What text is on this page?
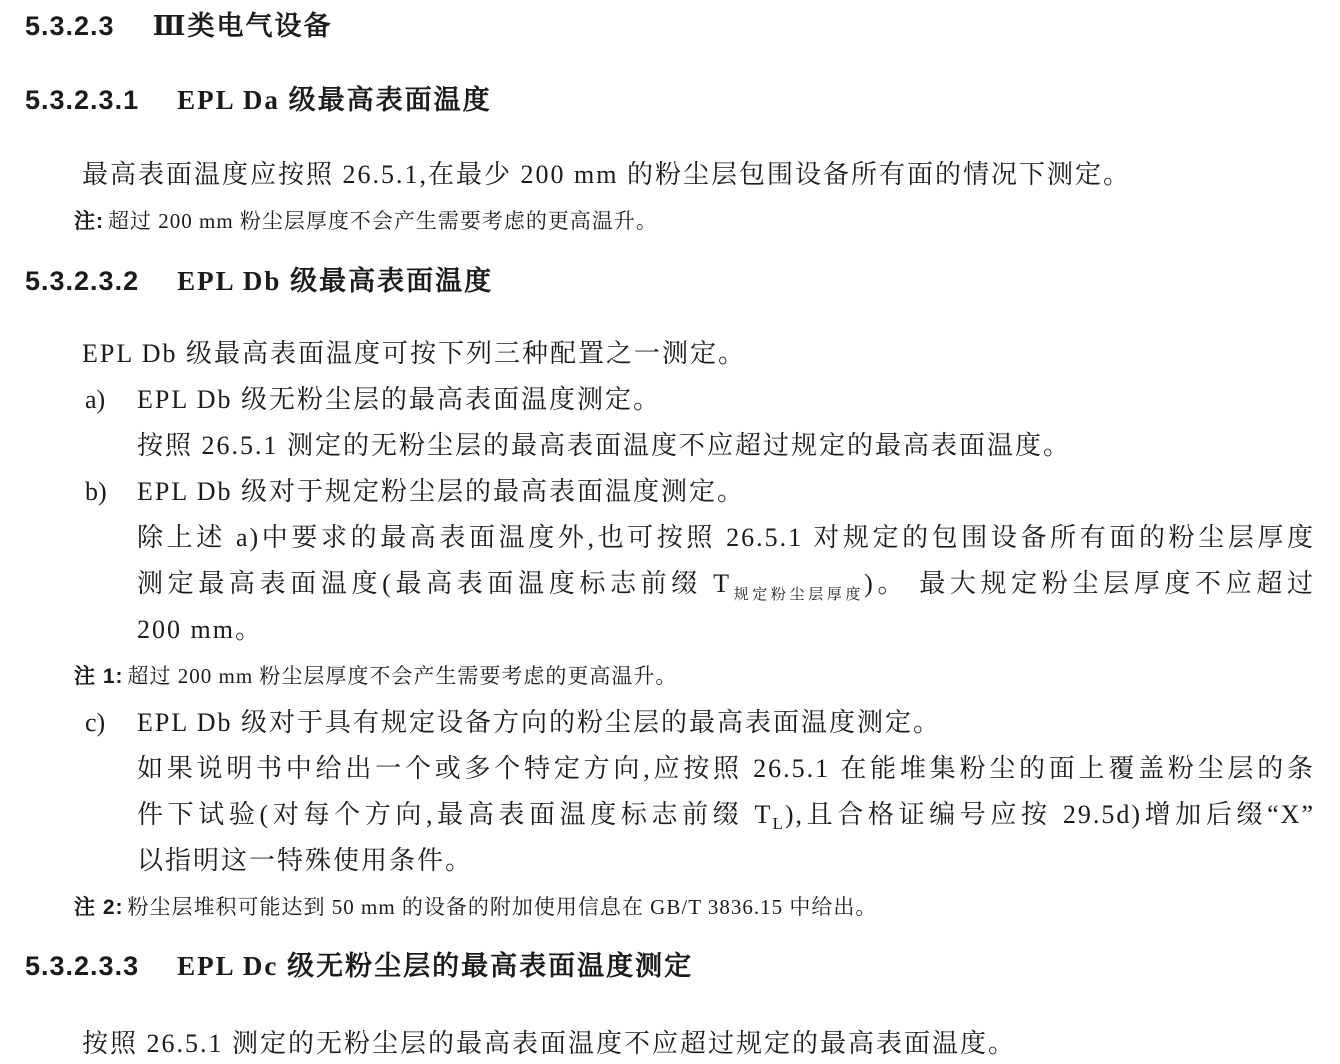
5.3.2.3 Ⅲ类电气设备
5.3.2.3.1 EPL Da 级最高表面温度
最高表面温度应按照 26.5.1,在最少 200 mm 的粉尘层包围设备所有面的情况下测定。
注: 超过 200 mm 粉尘层厚度不会产生需要考虑的更高温升。
5.3.2.3.2 EPL Db 级最高表面温度
EPL Db 级最高表面温度可按下列三种配置之一测定。
a) EPL Db 级无粉尘层的最高表面温度测定。
按照 26.5.1 测定的无粉尘层的最高表面温度不应超过规定的最高表面温度。
b) EPL Db 级对于规定粉尘层的最高表面温度测定。
除上述 a)中要求的最高表面温度外,也可按照 26.5.1 对规定的包围设备所有面的粉尘层厚度
测定最高表面温度(最高表面温度标志前缀 $T_{规定粉尘层厚度}$)。 最大规定粉尘层厚度不应超过
200 mm。
注 1: 超过 200 mm 粉尘层厚度不会产生需要考虑的更高温升。
c) EPL Db 级对于具有规定设备方向的粉尘层的最高表面温度测定。
如果说明书中给出一个或多个特定方向,应按照 26.5.1 在能堆集粉尘的面上覆盖粉尘层的条
件下试验(对每个方向,最高表面温度标志前缀 $T_L$),且合格证编号应按 29.5d)增加后缀“X”
以指明这一特殊使用条件。
注 2: 粉尘层堆积可能达到 50 mm 的设备的附加使用信息在 GB/T 3836.15 中给出。
5.3.2.3.3 EPL Dc 级无粉尘层的最高表面温度测定
按照 26.5.1 测定的无粉尘层的最高表面温度不应超过规定的最高表面温度。
